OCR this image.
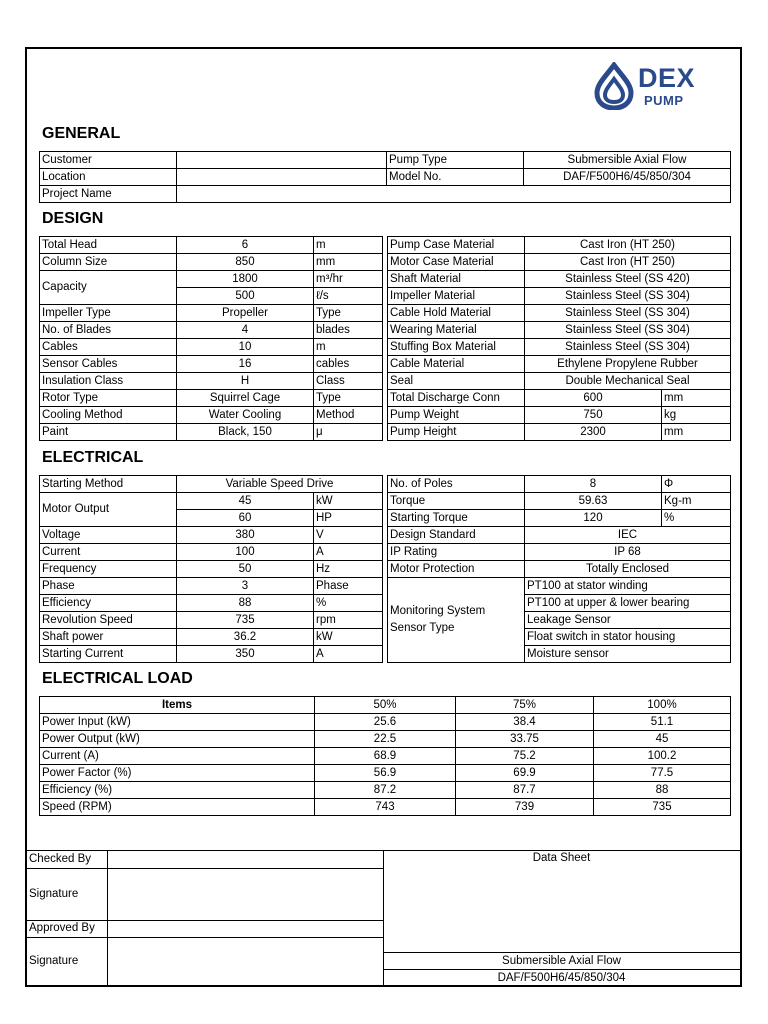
DEX
PUMP
GENERAL
Customer		Pump Type	Submersible Axial Flow
Location		Model No.	DAF/F500H6/45/850/304
Project Name			
DESIGN
Total Head	6	m
Column Size	850	mm
Capacity	1800	m³/hr
	500	ℓ/s
Impeller Type	Propeller	Type
No. of Blades	4	blades
Cables	10	m
Sensor Cables	16	cables
Insulation Class	H	Class
Rotor Type	Squirrel Cage	Type
Cooling Method	Water Cooling	Method
Paint	Black, 150	μ
Pump Case Material	Cast Iron (HT 250)	
Motor Case Material	Cast Iron (HT 250)	
Shaft Material	Stainless Steel (SS 420)	
Impeller Material	Stainless Steel (SS 304)	
Cable Hold Material	Stainless Steel (SS 304)	
Wearing Material	Stainless Steel (SS 304)	
Stuffing Box Material	Stainless Steel (SS 304)	
Cable Material	Ethylene Propylene Rubber	
Seal	Double Mechanical Seal	
Total Discharge Conn	600	mm
Pump Weight	750	kg
Pump Height	2300	mm
ELECTRICAL
Starting Method	Variable Speed Drive	
Motor Output	45	kW
	60	HP
Voltage	380	V
Current	100	A
Frequency	50	Hz
Phase	3	Phase
Efficiency	88	%
Revolution Speed	735	rpm
Shaft power	36.2	kW
Starting Current	350	A
No. of Poles	8	Φ
Torque	59.63	Kg-m
Starting Torque	120	%
Design Standard	IEC	
IP Rating	IP 68	
Motor Protection	Totally Enclosed	

Monitoring System
Sensor Type	PT100 at stator winding	
	PT100 at upper & lower bearing	
	Leakage Sensor	
	Float switch in stator housing	
	Moisture sensor	
ELECTRICAL LOAD
Items	50%	75%	100%
Power Input (kW)	25.6	38.4	51.1
Power Output (kW)	22.5	33.75	45
Current (A)	68.9	75.2	100.2
Power Factor (%)	56.9	69.9	77.5
Efficiency (%)	87.2	87.7	88
Speed (RPM)	743	739	735
Checked By	
Signature	
Approved By	
Signature	
Data Sheet
Submersible Axial Flow
DAF/F500H6/45/850/304
